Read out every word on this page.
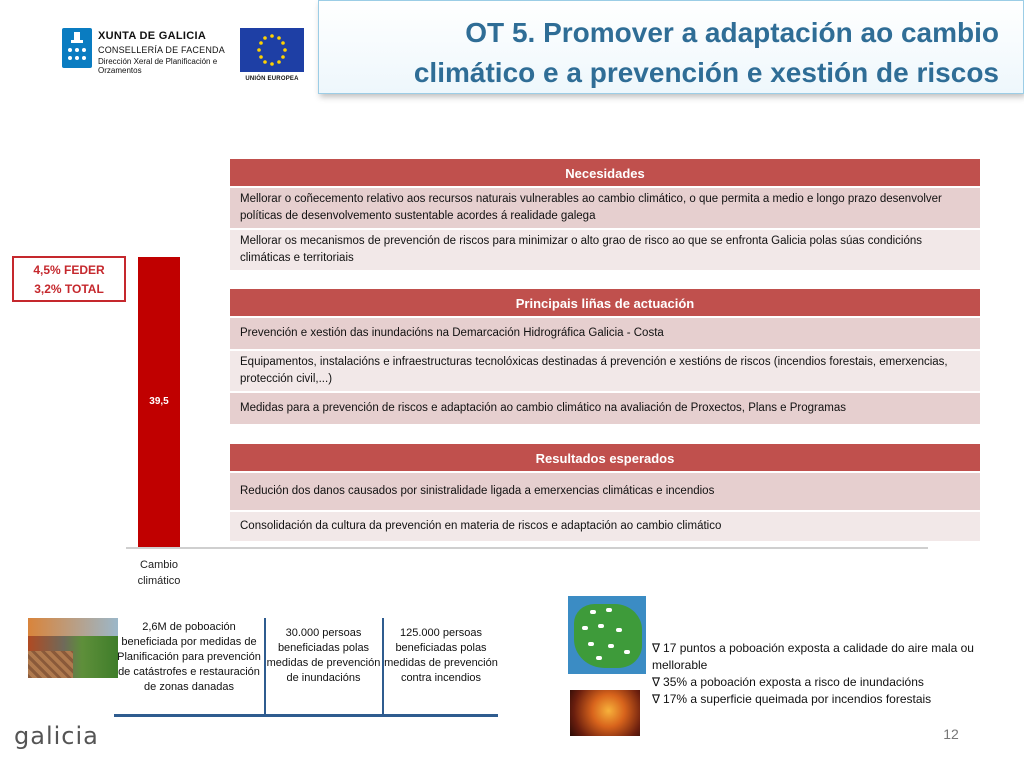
XUNTA DE GALICIA
CONSELLERÍA DE FACENDA
Dirección Xeral de Planificación e Orzamentos
UNIÓN EUROPEA
OT 5. Promover a adaptación ao cambio
climático e a prevención e xestión de riscos
4,5% FEDER
3,2% TOTAL
39,5
Cambio climático
Necesidades
Mellorar o coñecemento relativo aos recursos naturais vulnerables ao cambio climático, o que permita a medio e longo prazo desenvolver políticas de desenvolvemento sustentable acordes á realidade galega
Mellorar os mecanismos de prevención de riscos para minimizar o alto grao de risco ao que se enfronta Galicia polas súas condicións climáticas e territoriais
Principais liñas de actuación
Prevención e xestión das inundacións na Demarcación Hidrográfica Galicia - Costa
Equipamentos, instalacións e infraestructuras tecnolóxicas destinadas á prevención e xestións de riscos (incendios forestais, emerxencias, protección civil,...)
Medidas para a prevención de riscos e adaptación ao cambio climático na avaliación de Proxectos, Plans e Programas
Resultados esperados
Redución dos danos causados por sinistralidade ligada a emerxencias climáticas e incendios
Consolidación da cultura da prevención en materia de riscos e adaptación ao cambio climático
2,6M de poboación beneficiada por medidas de Planificación para prevención de catástrofes e restauración de zonas danadas
30.000 persoas beneficiadas polas medidas de prevención de inundacións
125.000 persoas beneficiadas polas medidas de prevención contra incendios
∇ 17 puntos a poboación exposta a calidade do aire mala ou mellorable
∇ 35% a poboación exposta a risco de inundacións
∇ 17% a superficie queimada por incendios forestais
galicia	12
